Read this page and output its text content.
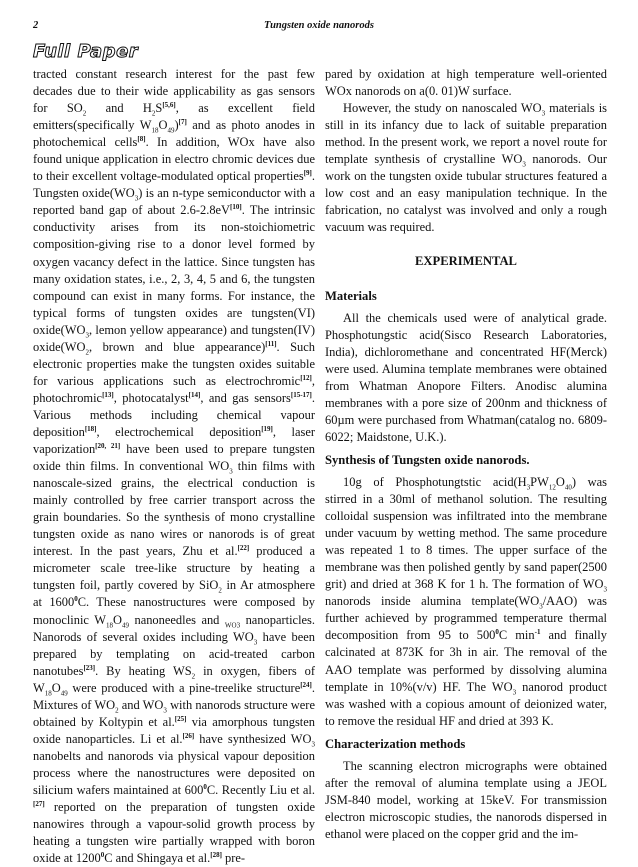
2	Tungsten oxide nanorods
Full Paper

tracted constant research interest for the past few decades due to their wide applicability as gas sensors for $SO_2$ and $H_2S[5,6]$, as excellent field emitters(specifically $W_{18}O_{49})[7]$ and as photo anodes in photochemical cells[8]. In addition, WOx have also found unique application in electro chromic devices due to their excellent voltage-modulated optical properties[9]. Tungsten $oxide(WO_3)$ is an n-type semiconductor with a reported band gap of about 2.6-2.8eV[10]. The intrinsic conductivity arises from its non-stoichiometric composition-giving rise to a donor level formed by oxygen vacancy defect in the lattice. Since tungsten has many oxidation states, i.e., 2, 3, 4, 5 and 6, the tungsten compound can exist in many forms. For instance, the typical forms of tungsten oxides are tungsten(VI) $oxide(WO_3$, lemon yellow appearance) and tungsten(IV) $oxide(WO_2$, brown and blue appearance)[11]. Such electronic properties make the tungsten oxides suitable for various applications such as electrochromic[12], photochromic[13], photocatalyst[14], and gas sensors[15-17]. Various methods including chemical vapour deposition[18], electrochemical deposition[19], laser vaporization[20, 21] have been used to prepare tungsten oxide thin films. In conventional $WO_3$ thin films with nanoscale-sized grains, the electrical conduction is mainly controlled by free carrier transport across the grain boundaries. So the synthesis of mono crystalline tungsten oxide as nano wires or nanorods is of great interest. In the past years, Zhu et al.[22] produced a micrometer scale tree-like structure by heating a tungsten foil, partly covered by SiO$_2$ in Ar atmosphere at 1600$^0$C. These nanostructures were composed by monoclinic $W_{18}O_{49}$ nanoneedles and $_{WO3}$ nanoparticles. Nanorods of several oxides including $WO_3$ have been prepared by templating on acid-treated carbon nanotubes[23]. By heating $WS_2$ in oxygen, fibers of $W_{18}O_{49}$ were produced with a pine-treelike structure[24]. Mixtures of $WO_2$ and $WO_3$ with nanorods structure were obtained by Koltypin et al.[25] via amorphous tungsten oxide nanoparticles. Li et al.[26] have synthesized $WO_3$ nanobelts and nanorods via physical vapour deposition process where the nanostructures were deposited on silicium wafers maintained at $600^0C$. Recently Liu et al.[27] reported on the preparation of tungsten oxide nanowires through a vapour-solid growth process by heating a tungsten wire partially wrapped with boron oxide at 1200$^0$C and Shingaya et al.[28] pre-

pared by oxidation at high temperature well-oriented WOx nanorods on a(0. 01)W surface.

However, the study on nanoscaled $WO_3$ materials is still in its infancy due to lack of suitable preparation method. In the present work, we report a novel route for template synthesis of crystalline $WO_3$ nanorods. Our work on the tungsten oxide tubular structures featured a low cost and an easy manipulation technique. In the fabrication, no catalyst was involved and only a rough vacuum was required.

EXPERIMENTAL
Materials

All the chemicals used were of analytical grade. Phosphotungstic acid(Sisco Research Laboratories, India), dichloromethane and concentrated HF(Merck) were used. Alumina template membranes were obtained from Whatman Anopore Filters. Anodisc alumina membranes with a pore size of 200nm and thickness of 60µm were purchased from Whatman(catalog no. 6809-6022; Maidstone, U.K.).

Synthesis of Tungsten oxide nanorods.

10g of Phosphotungtstic $acid(H_3PW_{12}O_{40})$ was stirred in a 30ml of methanol solution. The resulting colloidal suspension was infiltrated into the membrane under vacuum by wetting method. The same procedure was repeated 1 to 8 times. The upper surface of the membrane was then polished gently by sand paper(2500 grit) and dried at 368 K for 1 h. The formation of $WO_3$ nanorods inside alumina $template(WO_3/AAO)$ was further achieved by programmed temperature thermal decomposition from 95 to $500^0C$ $\min^{-1}$ and finally calcinated at 873K for 3h in air. The removal of the AAO template was performed by dissolving alumina template in 10%(v/v) HF. The $WO_3$ nanorod product was washed with a copious amount of deionized water, to remove the residual HF and dried at 393 K.

Characterization methods

The scanning electron micrographs were obtained after the removal of alumina template using a JEOL JSM-840 model, working at 15keV. For transmission electron microscopic studies, the nanorods dispersed in ethanol were placed on the copper grid and the im-
